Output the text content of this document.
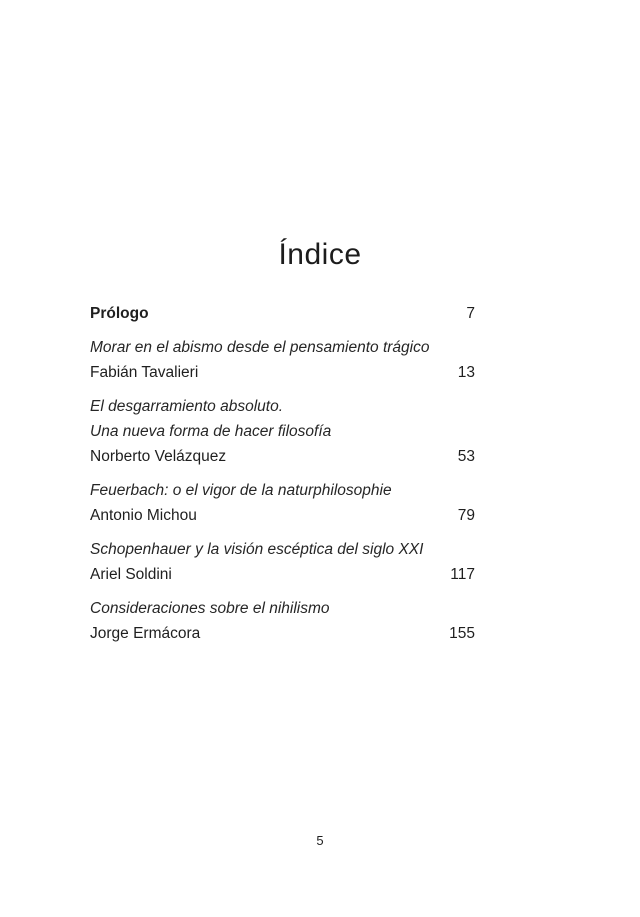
Índice
Prólogo	7
Morar en el abismo desde el pensamiento trágico
Fabián Tavalieri	13
El desgarramiento absoluto.
Una nueva forma de hacer filosofía
Norberto Velázquez	53
Feuerbach: o el vigor de la naturphilosophie
Antonio Michou	79
Schopenhauer y la visión escéptica del siglo XXI
Ariel Soldini	117
Consideraciones sobre el nihilismo
Jorge Ermácora	155
5
